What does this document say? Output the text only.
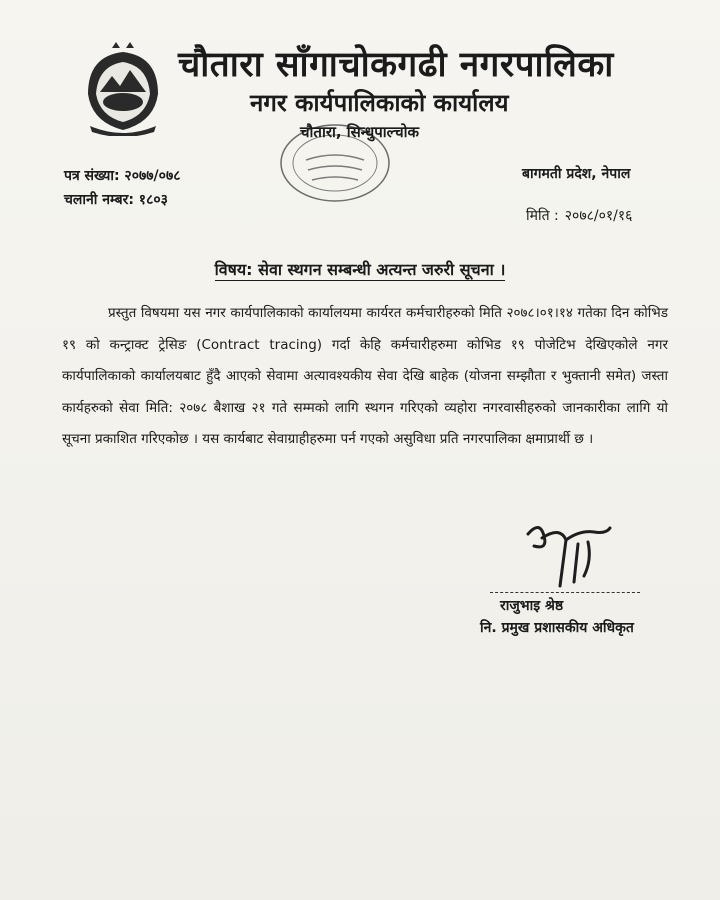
चौतारा साँगाचोकगढी नगरपालिका
नगर कार्यपालिकाको कार्यालय
चौतारा, सिन्धुपाल्चोक
पत्र संख्या: २०७७/०७८
चलानी नम्बर: १८०३
बागमती प्रदेश, नेपाल
मिति : २०७८/०१/१६
विषय: सेवा स्थगन सम्बन्धी अत्यन्त जरुरी सूचना ।
प्रस्तुत विषयमा यस नगर कार्यपालिकाको कार्यालयमा कार्यरत कर्मचारीहरुको मिति २०७८।०१।१४ गतेका दिन कोभिड १९ को कन्ट्राक्ट ट्रेसिङ (Contract tracing) गर्दा केहि कर्मचारीहरुमा कोभिड १९ पोजेटिभ देखिएकोले नगर कार्यपालिकाको कार्यालयबाट हुँदै आएको सेवामा अत्यावश्यकीय सेवा देखि बाहेक (योजना सम्झौता र भुक्तानी समेत) जस्ता कार्यहरुको सेवा मिति: २०७८ बैशाख २१ गते सम्मको लागि स्थगन गरिएको व्यहोरा नगरवासीहरुको जानकारीका लागि यो सूचना प्रकाशित गरिएकोछ । यस कार्यबाट सेवाग्राहीहरुमा पर्न गएको असुविधा प्रति नगरपालिका क्षमाप्रार्थी छ ।
राजुभाइ श्रेष्ठ
नि. प्रमुख प्रशासकीय अधिकृत
